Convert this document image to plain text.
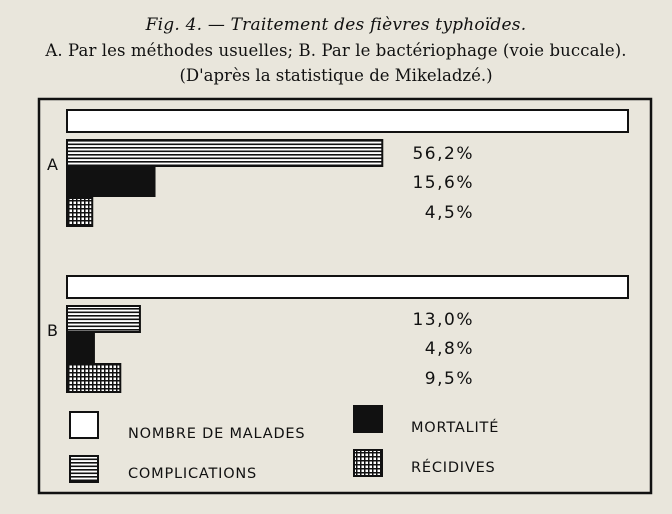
Fig. 4. — Traitement des fièvres typhoïdes.
A. Par les méthodes usuelles; B. Par le bactériophage (voie buccale).
(D'après la statistique de Mikeladzé.)
56,2%
15,6%
4,5%
A
13,0%
4,8%
9,5%
B
NOMBRE DE MALADES	MORTALITÉ
COMPLICATIONS	RÉCIDIVES
